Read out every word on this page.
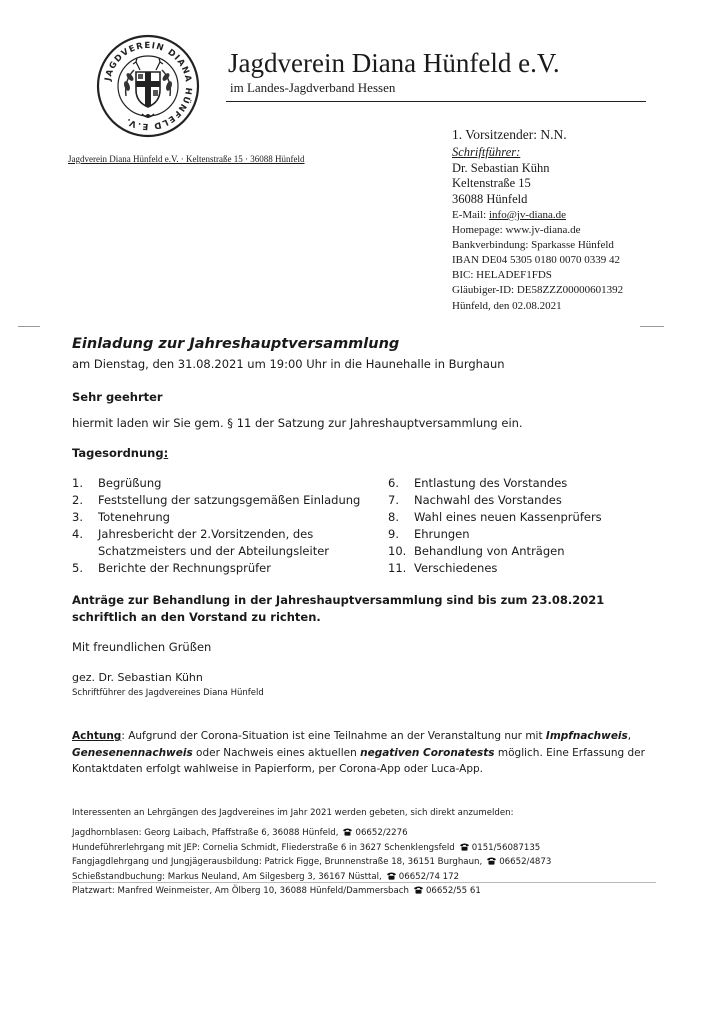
JAGDVEREIN DIANA HÜNFELD E.V.
Jagdverein Diana Hünfeld e.V.
im Landes-Jagdverband Hessen
Jagdverein Diana Hünfeld e.V. · Keltenstraße 15 · 36088 Hünfeld
1. Vorsitzender: N.N.
Schriftführer:
Dr. Sebastian Kühn
Keltenstraße 15
36088 Hünfeld
E-Mail: info@jv-diana.de
Homepage: www.jv-diana.de
Bankverbindung: Sparkasse Hünfeld
IBAN DE04 5305 0180 0070 0339 42
BIC: HELADEF1FDS
Gläubiger-ID: DE58ZZZ00000601392
Hünfeld, den 02.08.2021
Einladung zur Jahreshauptversammlung
am Dienstag, den 31.08.2021 um 19:00 Uhr in die Haunehalle in Burghaun
Sehr geehrter
hiermit laden wir Sie gem. § 11 der Satzung zur Jahreshauptversammlung ein.
Tagesordnung:
1.	Begrüßung
2.	Feststellung der satzungsgemäßen Einladung
3.	Totenehrung
4.	Jahresbericht der 2.Vorsitzenden, des Schatzmeisters und der Abteilungsleiter
5.	Berichte der Rechnungsprüfer
6.	Entlastung des Vorstandes
7.	Nachwahl des Vorstandes
8.	Wahl eines neuen Kassenprüfers
9.	Ehrungen
10. Behandlung von Anträgen
11. Verschiedenes
Anträge zur Behandlung in der Jahreshauptversammlung sind bis zum 23.08.2021 schriftlich an den Vorstand zu richten.
Mit freundlichen Grüßen
gez. Dr. Sebastian Kühn
Schriftführer des Jagdvereines Diana Hünfeld
Achtung: Aufgrund der Corona-Situation ist eine Teilnahme an der Veranstaltung nur mit Impfnachweis, Genesenennachweis oder Nachweis eines aktuellen negativen Coronatests möglich. Eine Erfassung der Kontaktdaten erfolgt wahlweise in Papierform, per Corona-App oder Luca-App.
Interessenten an Lehrgängen des Jagdvereines im Jahr 2021 werden gebeten, sich direkt anzumelden:
Jagdhornblasen: Georg Laibach, Pfaffstraße 6, 36088 Hünfeld, 06652/2276
Hundeführerlehrgang mit JEP: Cornelia Schmidt, Fliederstraße 6 in 3627 Schenklengsfeld 0151/56087135
Fangjagdlehrgang und Jungjägerausbildung: Patrick Figge, Brunnenstraße 18, 36151 Burghaun, 06652/4873
Schießstandbuchung: Markus Neuland, Am Silgesberg 3, 36167 Nüsttal, 06652/74 172
Platzwart: Manfred Weinmeister, Am Ölberg 10, 36088 Hünfeld/Dammersbach 06652/55 61
